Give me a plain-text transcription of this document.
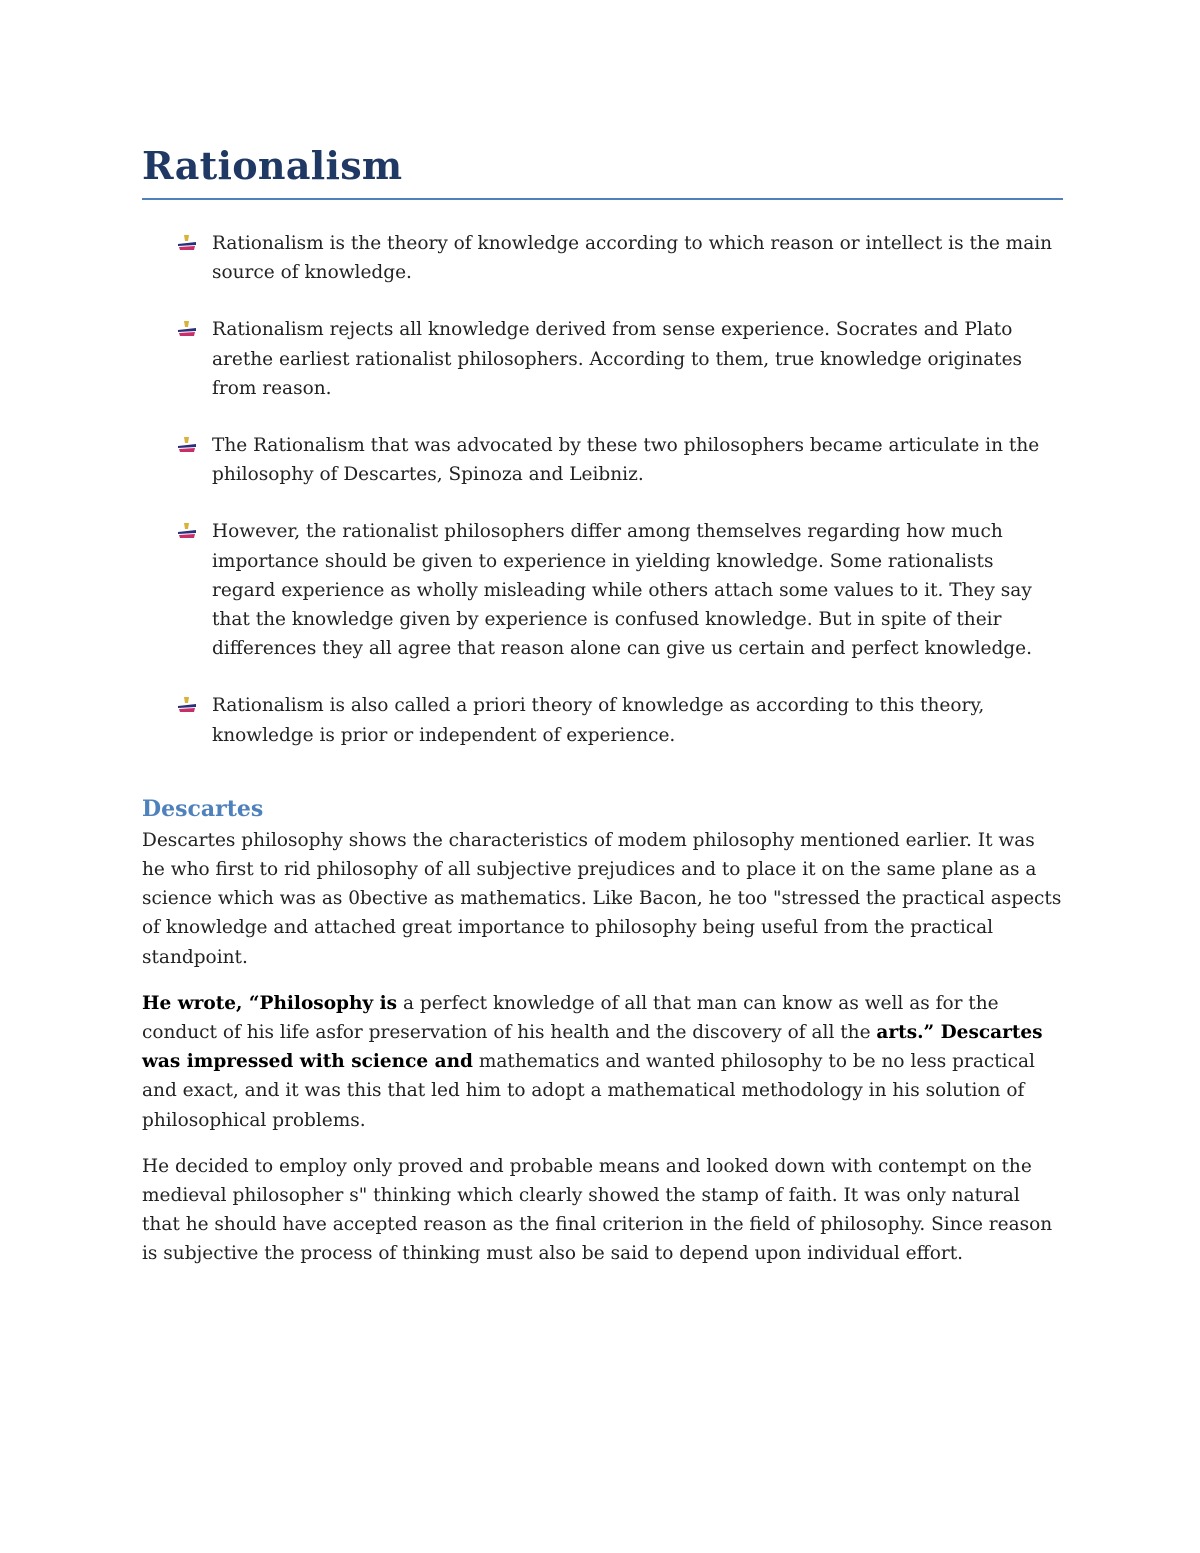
Rationalism
Rationalism is the theory of knowledge according to which reason or intellect is the main source of knowledge.
Rationalism rejects all knowledge derived from sense experience. Socrates and Plato arethe earliest rationalist philosophers. According to them, true knowledge originates from reason.
The Rationalism that was advocated by these two philosophers became articulate in the philosophy of Descartes, Spinoza and Leibniz.
However, the rationalist philosophers differ among themselves regarding how much importance should be given to experience in yielding knowledge. Some rationalists regard experience as wholly misleading while others attach some values to it. They say that the knowledge given by experience is confused knowledge. But in spite of their differences they all agree that reason alone can give us certain and perfect knowledge.
Rationalism is also called a priori theory of knowledge as according to this theory, knowledge is prior or independent of experience.
Descartes

Descartes philosophy shows the characteristics of modem philosophy mentioned earlier. It was he who first to rid philosophy of all subjective prejudices and to place it on the same plane as a science which was as 0bective as mathematics. Like Bacon, he too "stressed the practical aspects of knowledge and attached great importance to philosophy being useful from the practical standpoint.

He wrote, “Philosophy is a perfect knowledge of all that man can know as well as for the conduct of his life asfor preservation of his health and the discovery of all the arts.” Descartes was impressed with science and mathematics and wanted philosophy to be no less practical and exact, and it was this that led him to adopt a mathematical methodology in his solution of philosophical problems.

He decided to employ only proved and probable means and looked down with contempt on the medieval philosopher s" thinking which clearly showed the stamp of faith. It was only natural that he should have accepted reason as the final criterion in the field of philosophy. Since reason is subjective the process of thinking must also be said to depend upon individual effort.
